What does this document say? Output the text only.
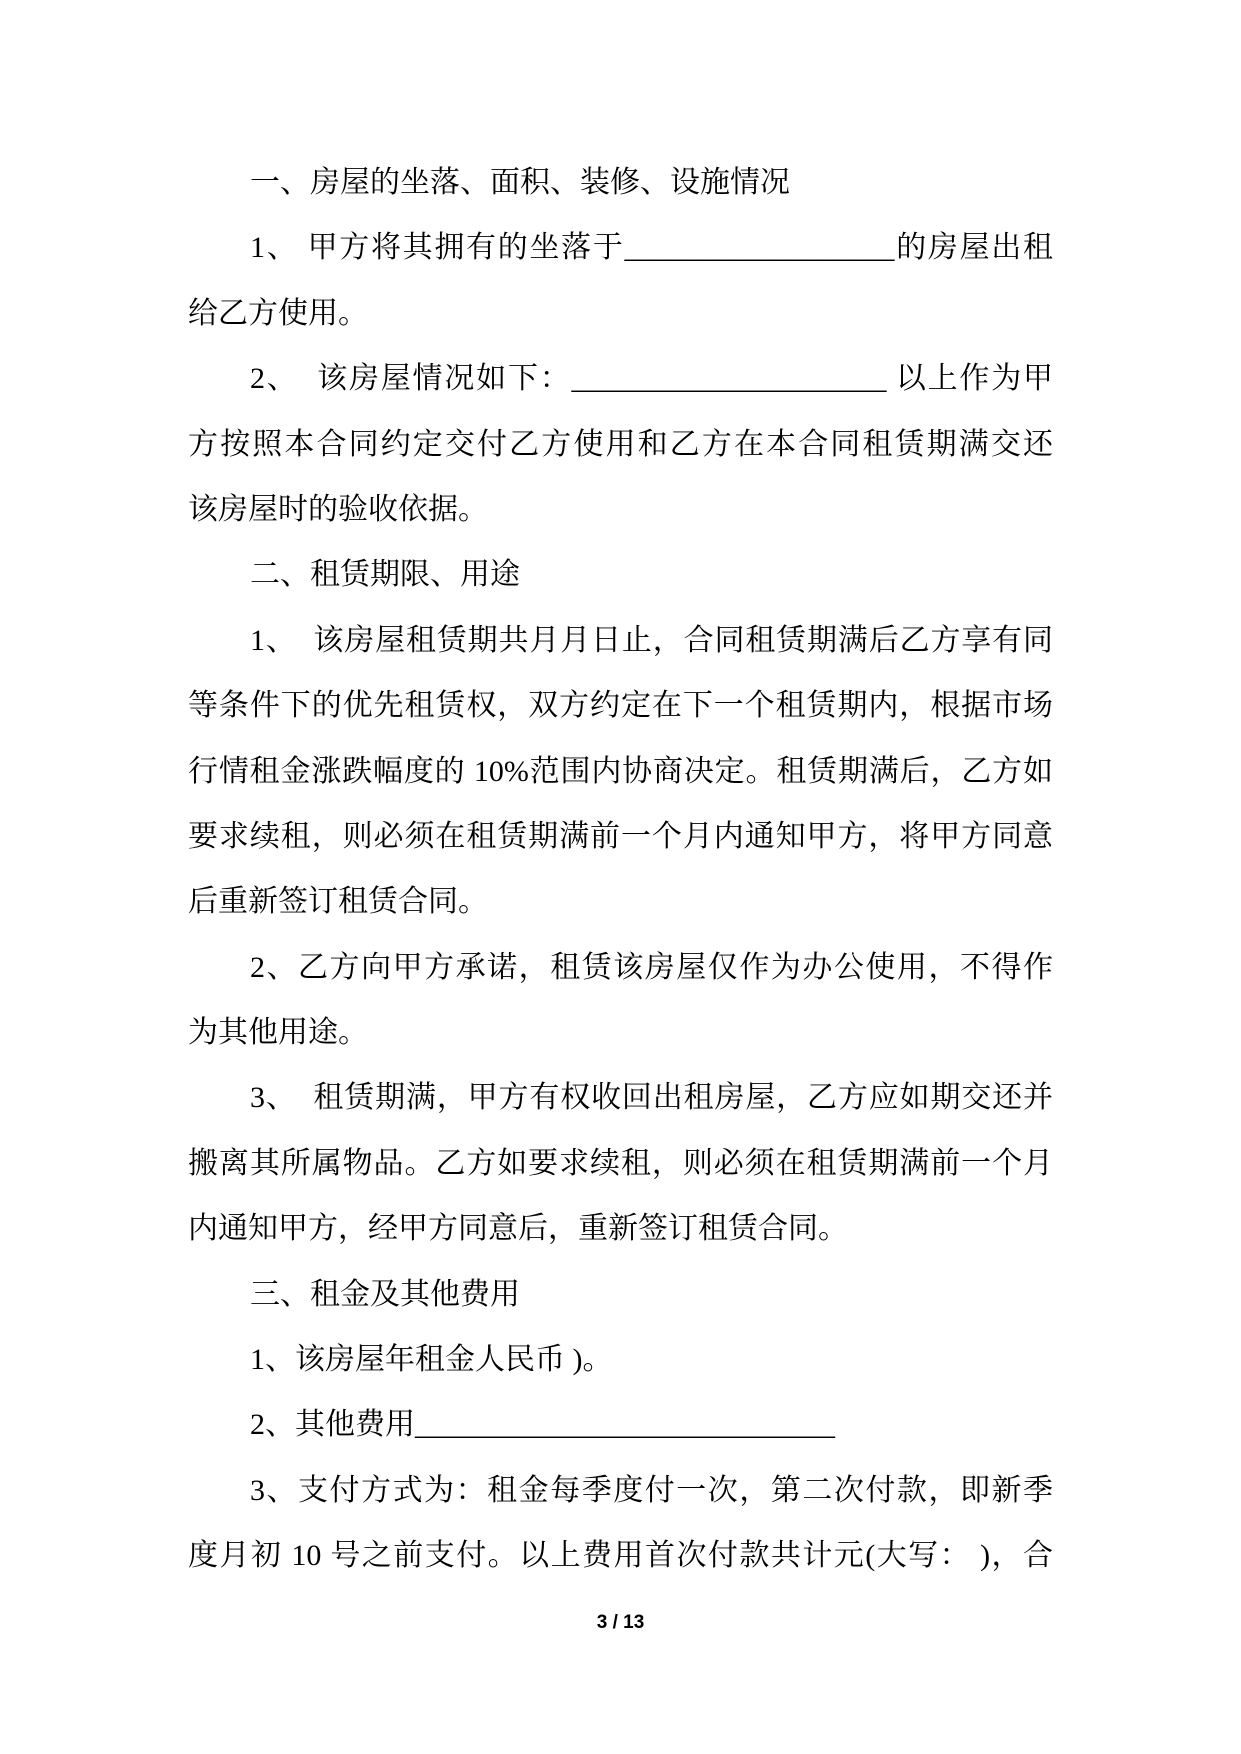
一、房屋的坐落、面积、装修、设施情况

1、 甲方将其拥有的坐落于__________________的房屋出租
给乙方使用。

2、  该房屋情况如下：_____________________ 以上作为甲
方按照本合同约定交付乙方使用和乙方在本合同租赁期满交还
该房屋时的验收依据。

二、租赁期限、用途

1、  该房屋租赁期共月月日止，合同租赁期满后乙方享有同
等条件下的优先租赁权，双方约定在下一个租赁期内，根据市场
行情租金涨跌幅度的 10%范围内协商决定。租赁期满后，乙方如
要求续租，则必须在租赁期满前一个月内通知甲方，将甲方同意
后重新签订租赁合同。

2、乙方向甲方承诺，租赁该房屋仅作为办公使用，不得作
为其他用途。

3、  租赁期满，甲方有权收回出租房屋，乙方应如期交还并
搬离其所属物品。乙方如要求续租，则必须在租赁期满前一个月
内通知甲方，经甲方同意后，重新签订租赁合同。

三、租金及其他费用

1、该房屋年租金人民币 )。

2、其他费用____________________________

3、支付方式为：租金每季度付一次，第二次付款，即新季
度月初 10 号之前支付。以上费用首次付款共计元(大写： )，合

3 / 13
